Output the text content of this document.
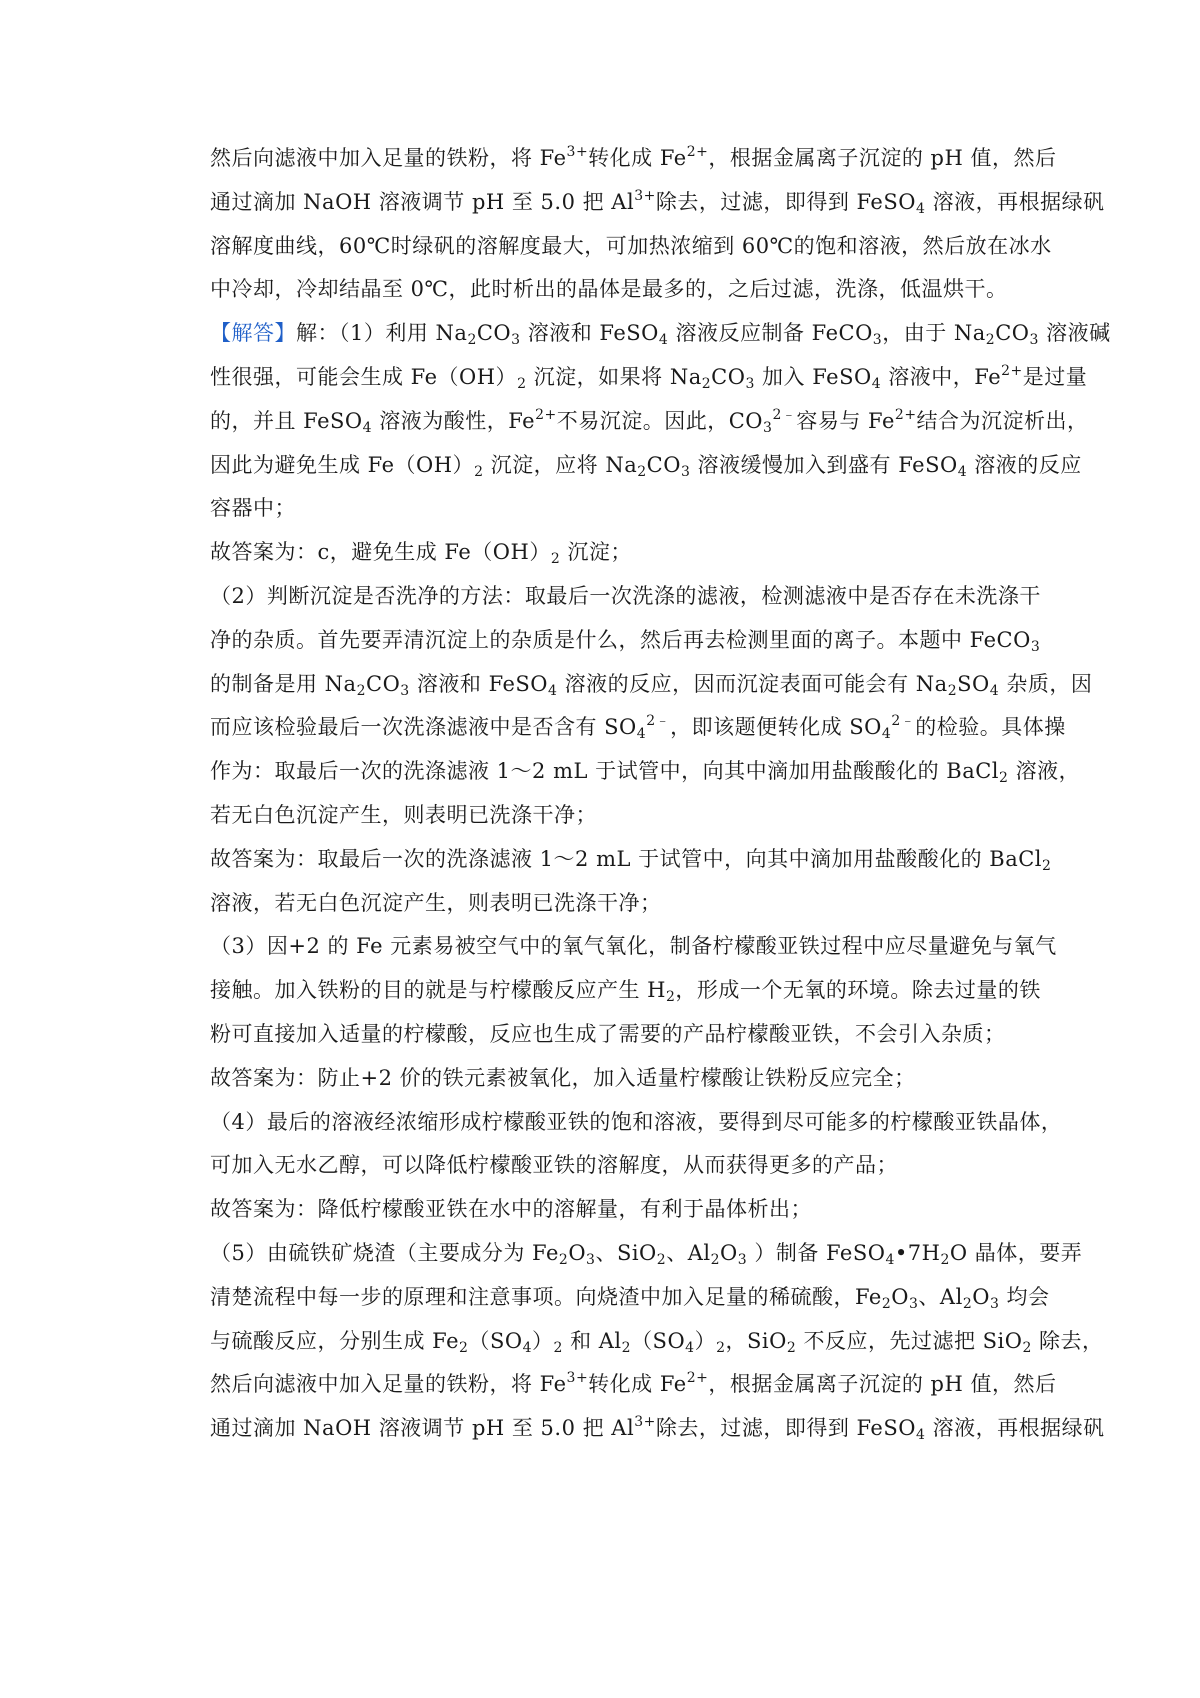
然后向滤液中加入足量的铁粉，将 $Fe^{3+}$转化成 $Fe^{2+}$，根据金属离子沉淀的 pH 值，然后
通过滴加 NaOH 溶液调节 pH 至 5.0 把 $Al^{3+}$除去，过滤，即得到 FeSO$_4$ 溶液，再根据绿矾
溶解度曲线，60℃时绿矾的溶解度最大，可加热浓缩到 60℃的饱和溶液，然后放在冰水
中冷却，冷却结晶至 0℃，此时析出的晶体是最多的，之后过滤，洗涤，低温烘干。
【解答】解：（1）利用 $Na_2CO_3$ 溶液和 FeSO$_4$ 溶液反应制备 FeCO$_3$，由于 $Na_2CO_3$ 溶液碱
性很强，可能会生成 $Fe(OH)_2$ 沉淀，如果将 $Na_2CO_3$ 加入 FeSO$_4$ 溶液中，$Fe^{2+}$是过量
的，并且 FeSO$_4$ 溶液为酸性，$Fe^{2+}$不易沉淀。因此，$CO_3^{2﹣}$容易与 $Fe^{2+}$结合为沉淀析出，
因此为避免生成 $Fe(OH)_2$ 沉淀，应将 $Na_2CO_3$ 溶液缓慢加入到盛有 FeSO$_4$ 溶液的反应
容器中；
故答案为：c，避免生成 $Fe(OH)_2$ 沉淀；
（2）判断沉淀是否洗净的方法：取最后一次洗涤的滤液，检测滤液中是否存在未洗涤干
净的杂质。首先要弄清沉淀上的杂质是什么，然后再去检测里面的离子。本题中 FeCO$_3$
的制备是用 $Na_2CO_3$ 溶液和 FeSO$_4$ 溶液的反应，因而沉淀表面可能会有 $Na_2SO_4$ 杂质，因
而应该检验最后一次洗涤滤液中是否含有 $SO_4^{2﹣}$，即该题便转化成 $SO_4^{2﹣}$的检验。具体操
作为：取最后一次的洗涤滤液 1～2 mL 于试管中，向其中滴加用盐酸酸化的 BaCl$_2$ 溶液，
若无白色沉淀产生，则表明已洗涤干净；
故答案为：取最后一次的洗涤滤液 1～2 mL 于试管中，向其中滴加用盐酸酸化的 BaCl$_2$
溶液，若无白色沉淀产生，则表明已洗涤干净；
（3）因+2 的 Fe 元素易被空气中的氧气氧化，制备柠檬酸亚铁过程中应尽量避免与氧气
接触。加入铁粉的目的就是与柠檬酸反应产生 $H_2$，形成一个无氧的环境。除去过量的铁
粉可直接加入适量的柠檬酸，反应也生成了需要的产品柠檬酸亚铁，不会引入杂质；
故答案为：防止+2 价的铁元素被氧化，加入适量柠檬酸让铁粉反应完全；
（4）最后的溶液经浓缩形成柠檬酸亚铁的饱和溶液，要得到尽可能多的柠檬酸亚铁晶体，
可加入无水乙醇，可以降低柠檬酸亚铁的溶解度，从而获得更多的产品；
故答案为：降低柠檬酸亚铁在水中的溶解量，有利于晶体析出；
（5）由硫铁矿烧渣（主要成分为 $Fe_2O_3$、SiO$_2$、$Al_2O_3$ ）制备 $FeSO_4•7H_2O$ 晶体，要弄
清楚流程中每一步的原理和注意事项。向烧渣中加入足量的稀硫酸，$Fe_2O_3$、$Al_2O_3$ 均会
与硫酸反应，分别生成 $Fe_2(SO_4)_2$ 和 $Al_2(SO_4)_2$，SiO$_2$ 不反应，先过滤把 SiO$_2$ 除去，
然后向滤液中加入足量的铁粉，将 $Fe^{3+}$转化成 $Fe^{2+}$，根据金属离子沉淀的 pH 值，然后
通过滴加 NaOH 溶液调节 pH 至 5.0 把 $Al^{3+}$除去，过滤，即得到 FeSO$_4$ 溶液，再根据绿矾
